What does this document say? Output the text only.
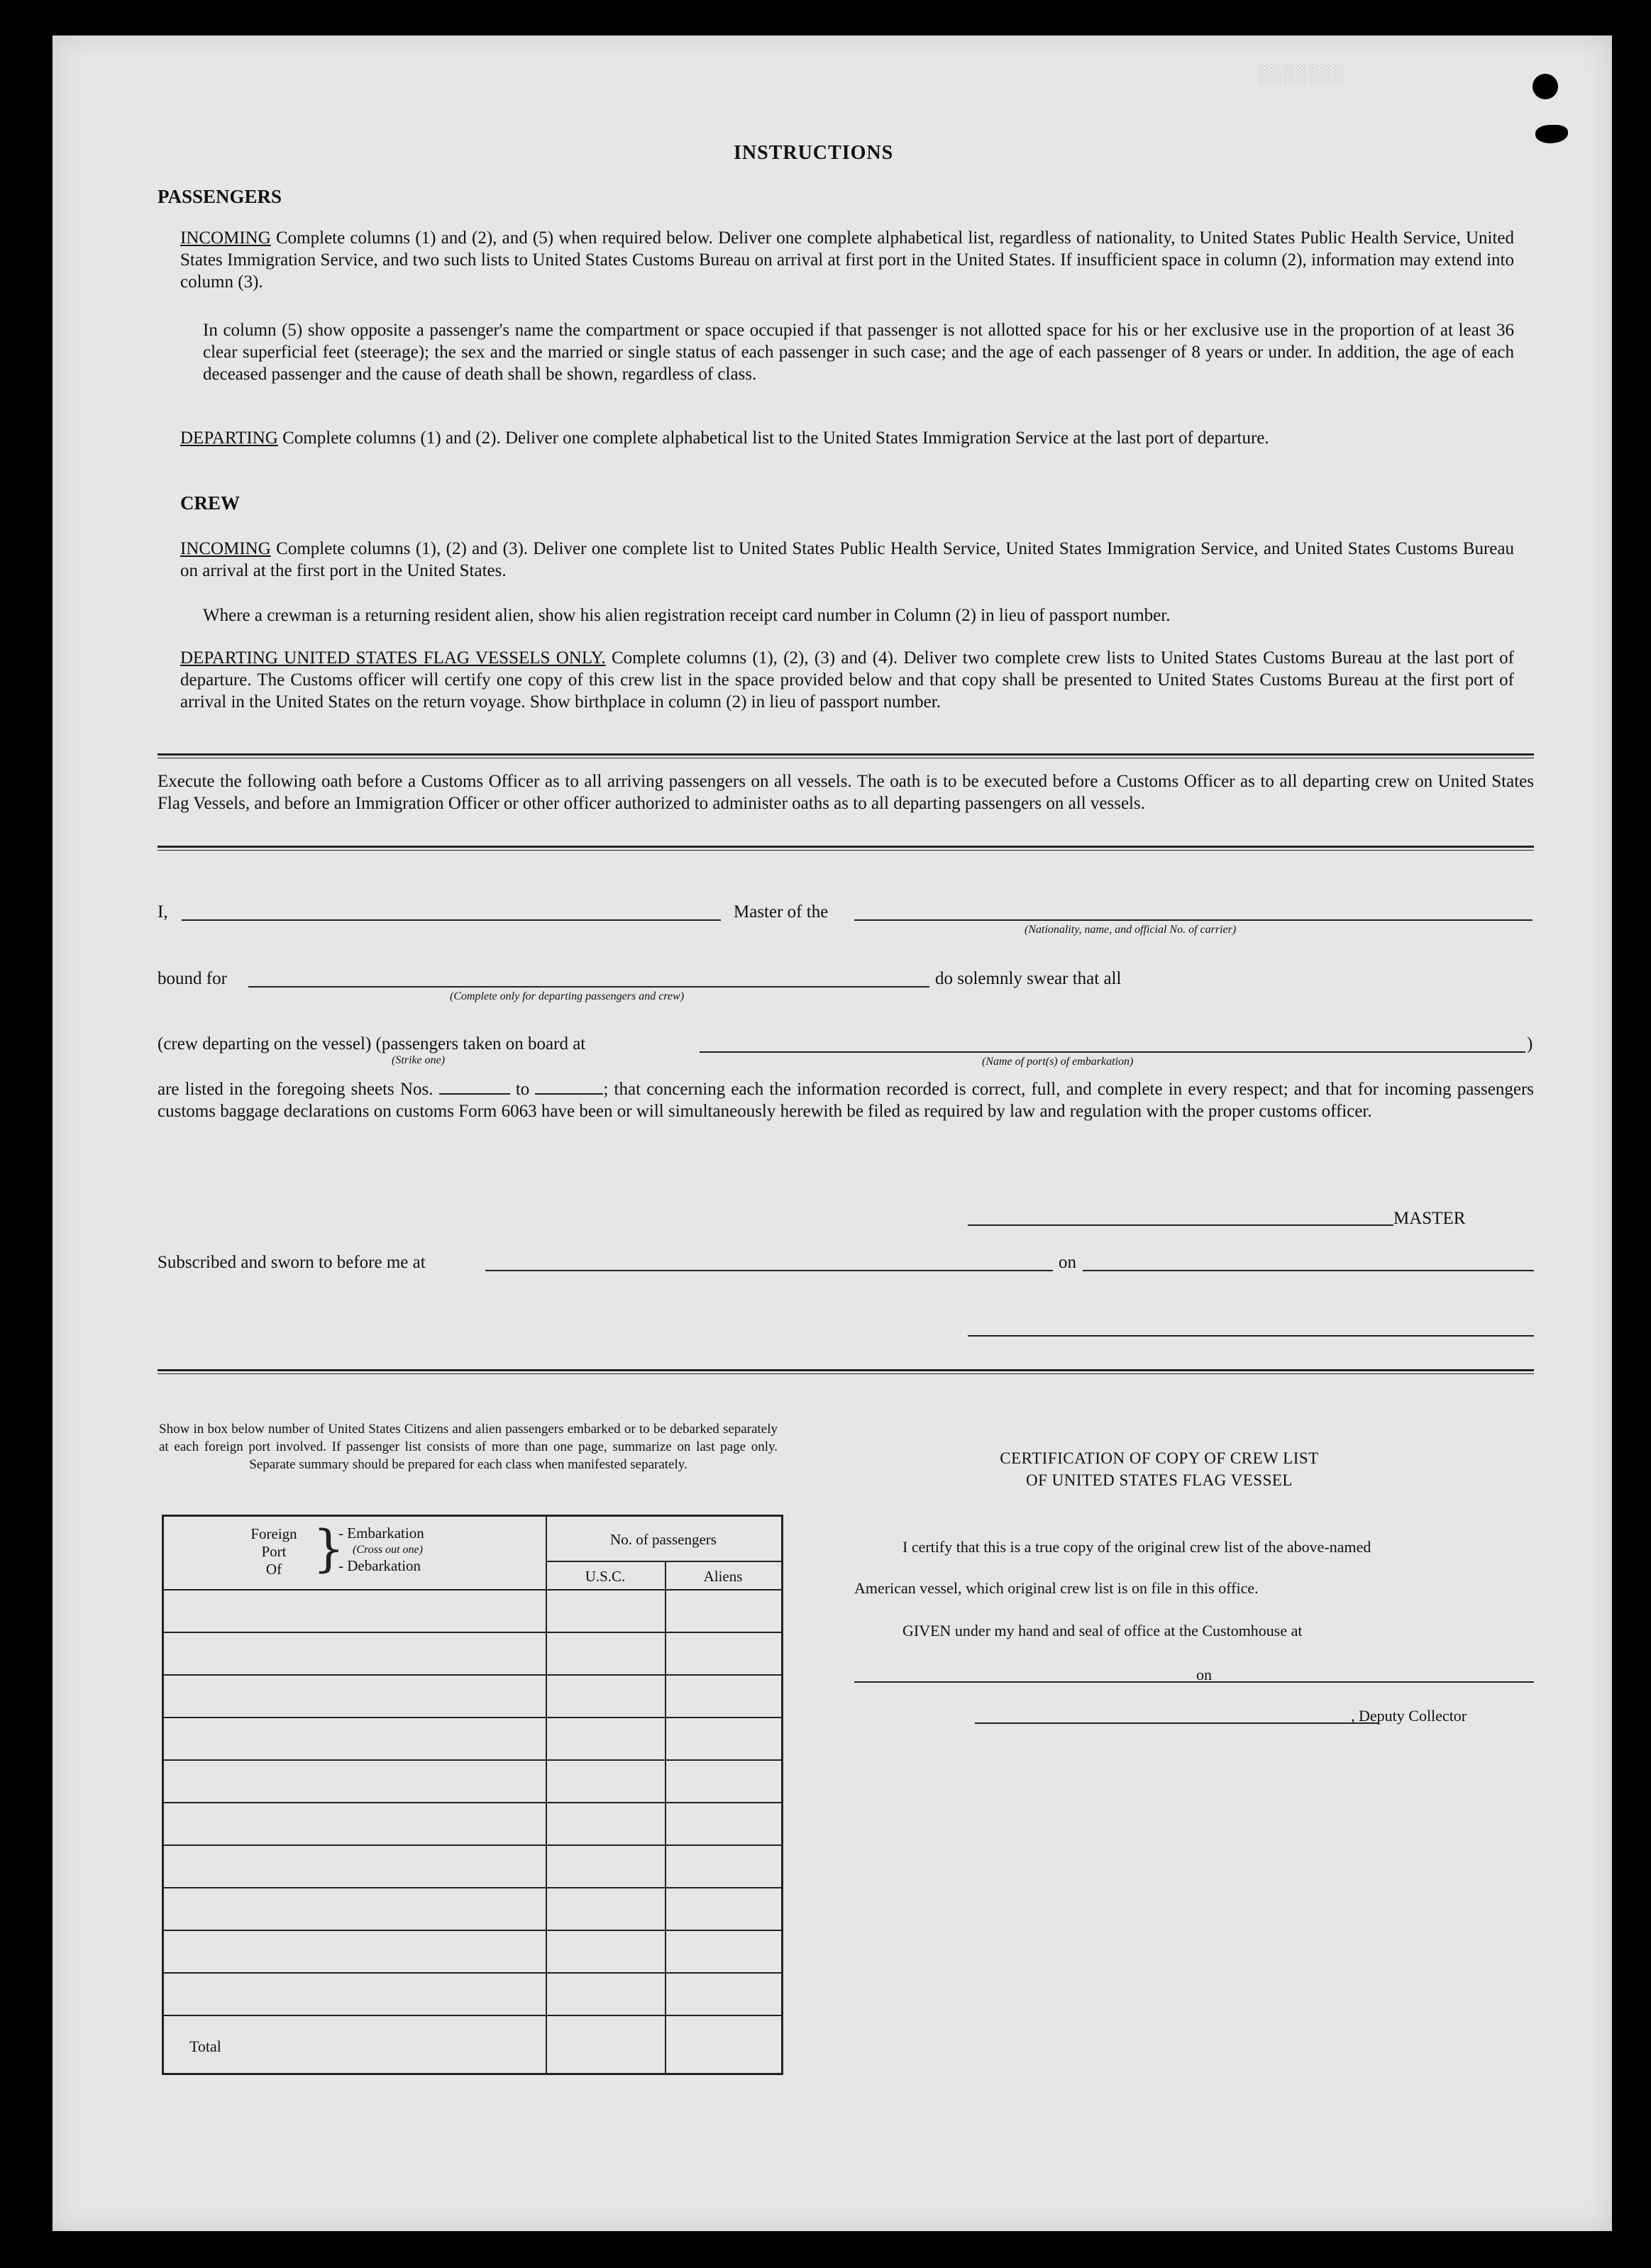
░░░░░░░
INSTRUCTIONS
PASSENGERS
INCOMING Complete columns (1) and (2), and (5) when required below. Deliver one complete alphabetical list, regardless of nationality, to United States Public Health Service, United States Immigration Service, and two such lists to United States Customs Bureau on arrival at first port in the United States. If insufficient space in column (2), information may extend into column (3).
In column (5) show opposite a passenger's name the compartment or space occupied if that passenger is not allotted space for his or her exclusive use in the proportion of at least 36 clear superficial feet (steerage); the sex and the married or single status of each passenger in such case; and the age of each passenger of 8 years or under. In addition, the age of each deceased passenger and the cause of death shall be shown, regardless of class.
DEPARTING Complete columns (1) and (2). Deliver one complete alphabetical list to the United States Immigration Service at the last port of departure.
CREW
INCOMING Complete columns (1), (2) and (3). Deliver one complete list to United States Public Health Service, United States Immigration Service, and United States Customs Bureau on arrival at the first port in the United States.
Where a crewman is a returning resident alien, show his alien registration receipt card number in Column (2) in lieu of passport number.
DEPARTING UNITED STATES FLAG VESSELS ONLY. Complete columns (1), (2), (3) and (4). Deliver two complete crew lists to United States Customs Bureau at the last port of departure. The Customs officer will certify one copy of this crew list in the space provided below and that copy shall be presented to United States Customs Bureau at the first port of arrival in the United States on the return voyage. Show birthplace in column (2) in lieu of passport number.
Execute the following oath before a Customs Officer as to all arriving passengers on all vessels. The oath is to be executed before a Customs Officer as to all departing crew on United States Flag Vessels, and before an Immigration Officer or other officer authorized to administer oaths as to all departing passengers on all vessels.
I,	Master of the
(Nationality, name, and official No. of carrier)
bound for
(Complete only for departing passengers and crew)
do solemnly swear that all
(crew departing on the vessel) (passengers taken on board at
(Strike one)	(Name of port(s) of embarkation)
)
are listed in the foregoing sheets Nos.	to	; that concerning each the information recorded is correct, full, and complete in every respect; and that for incoming passengers customs baggage declarations on customs Form 6063 have been or will simultaneously herewith be filed as required by law and regulation with the proper customs officer.
MASTER
Subscribed and sworn to before me at	on
Show in box below number of United States Citizens and alien passengers embarked or to be debarked separately at each foreign port involved. If passenger list consists of more than one page, summarize on last page only. Separate summary should be prepared for each class when manifested separately.
Foreign
Port
Of }
- Embarkation
(Cross out one)
- Debarkation
No. of passengers
U.S.C.	Aliens
Total
CERTIFICATION OF COPY OF CREW LIST
OF UNITED STATES FLAG VESSEL
I certify that this is a true copy of the original crew list of the above-named
American vessel, which original crew list is on file in this office.
GIVEN under my hand and seal of office at the Customhouse at
on
, Deputy Collector
